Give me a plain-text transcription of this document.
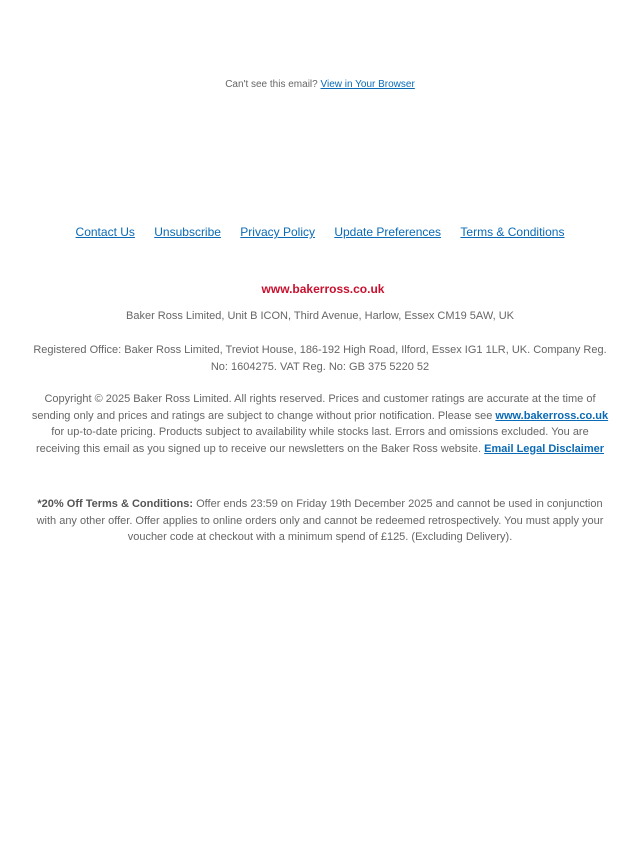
Can't see this email? View in Your Browser
Contact Us Unsubscribe Privacy Policy Update Preferences Terms & Conditions
www.bakerross.co.uk
Baker Ross Limited, Unit B ICON, Third Avenue, Harlow, Essex CM19 5AW, UK
Registered Office: Baker Ross Limited, Treviot House, 186-192 High Road, Ilford, Essex IG1 1LR, UK. Company Reg. No: 1604275. VAT Reg. No: GB 375 5220 52
Copyright © 2025 Baker Ross Limited. All rights reserved. Prices and customer ratings are accurate at the time of sending only and prices and ratings are subject to change without prior notification. Please see www.bakerross.co.uk for up-to-date pricing. Products subject to availability while stocks last. Errors and omissions excluded. You are receiving this email as you signed up to receive our newsletters on the Baker Ross website. Email Legal Disclaimer
*20% Off Terms & Conditions: Offer ends 23:59 on Friday 19th December 2025 and cannot be used in conjunction with any other offer. Offer applies to online orders only and cannot be redeemed retrospectively. You must apply your voucher code at checkout with a minimum spend of £125. (Excluding Delivery).
